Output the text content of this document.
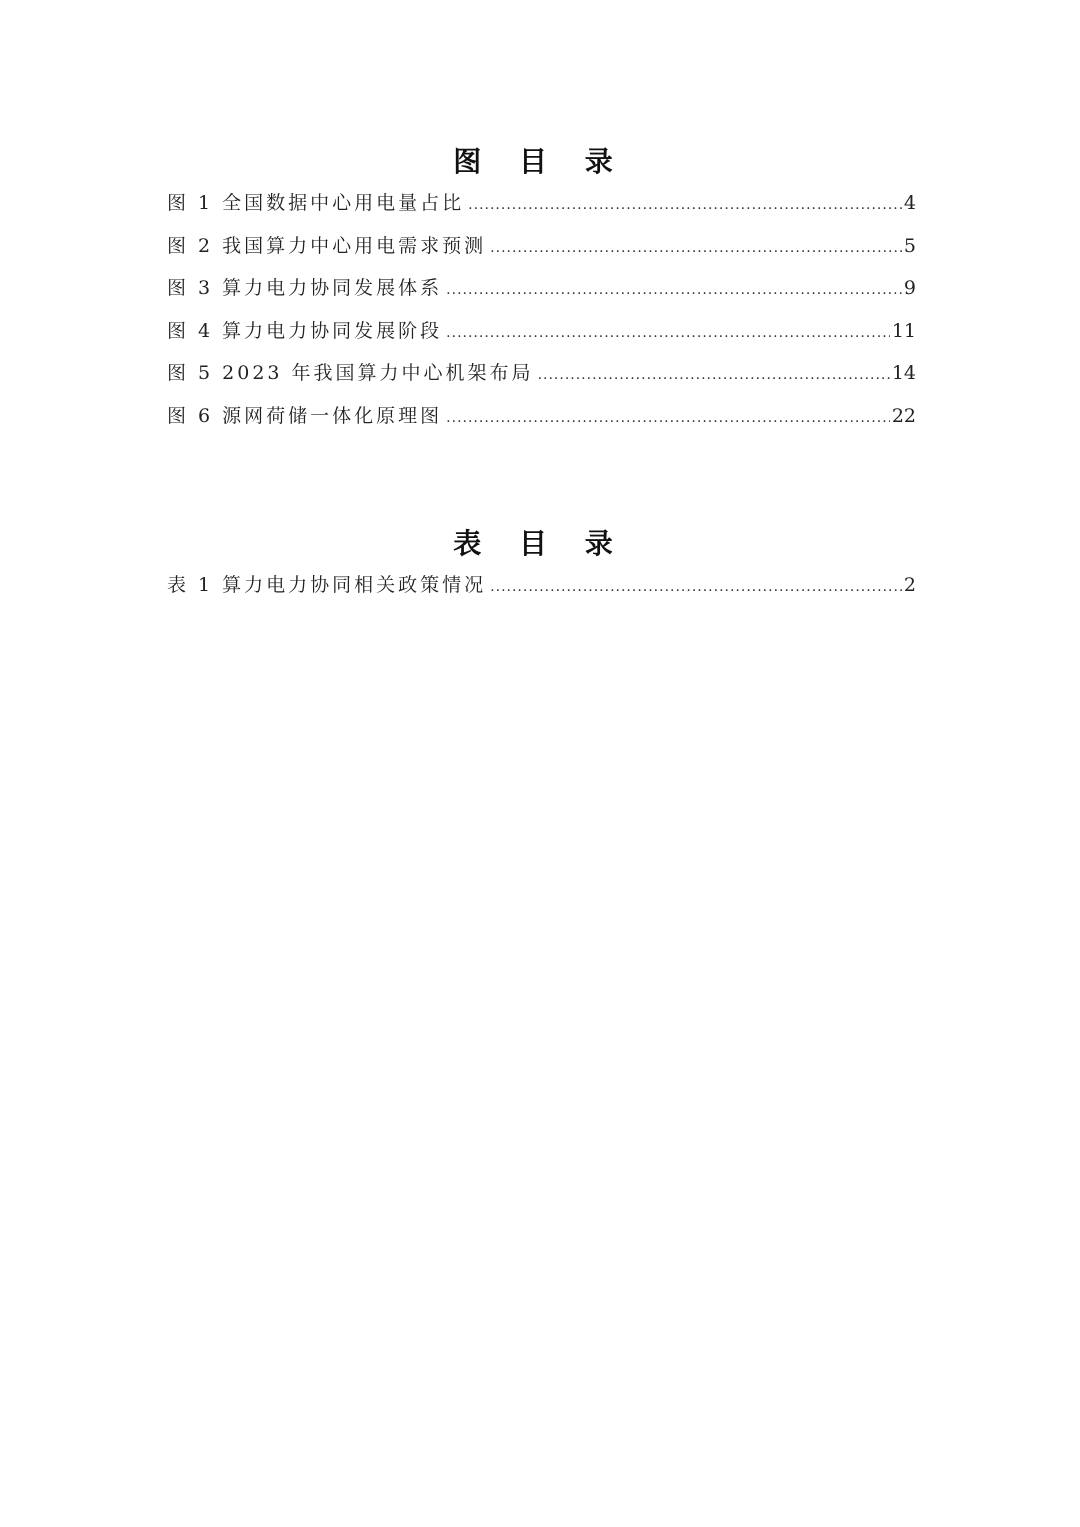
图 目 录
图 1 全国数据中心用电量占比 .....	4
图 2 我国算力中心用电需求预测 .....	5
图 3 算力电力协同发展体系 .....	9
图 4 算力电力协同发展阶段 .....	11
图 5 2023 年我国算力中心机架布局 .....	14
图 6 源网荷储一体化原理图 .....	22
表 目 录
表 1 算力电力协同相关政策情况 .....	2
